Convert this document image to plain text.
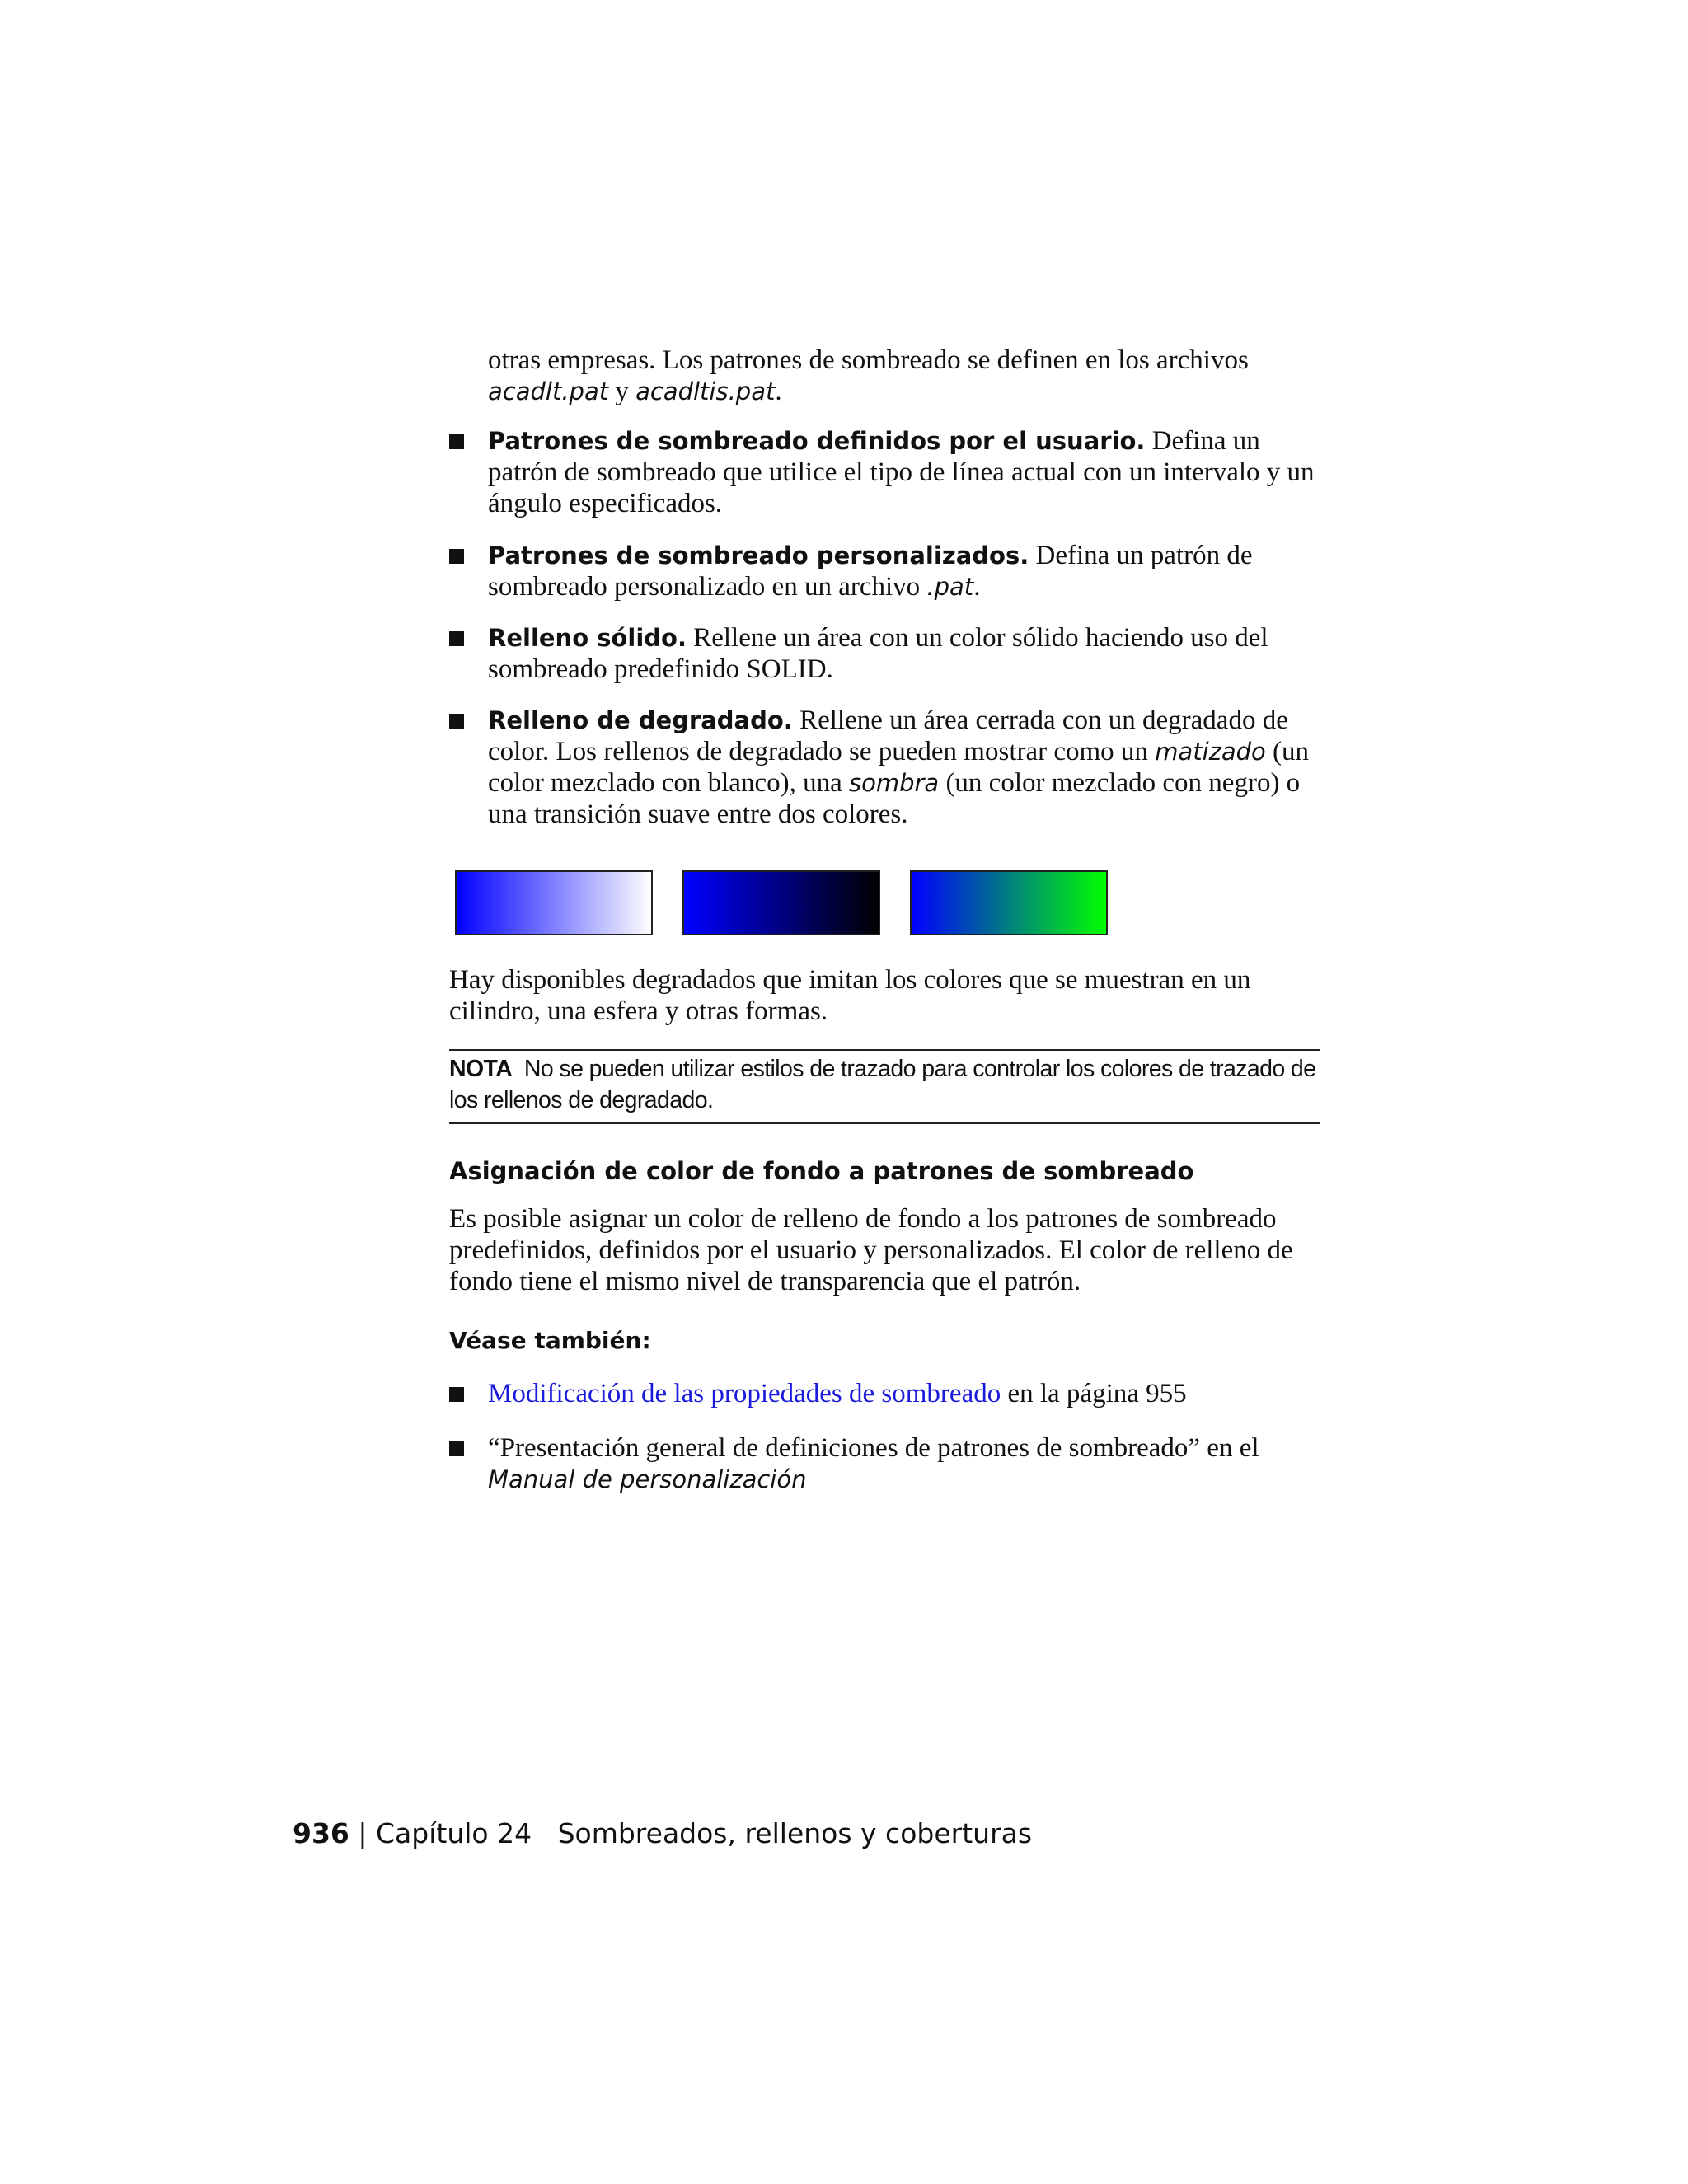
otras empresas. Los patrones de sombreado se definen en los archivos
acadlt.pat y acadltis.pat.
Patrones de sombreado definidos por el usuario. Defina un patrón de sombreado que utilice el tipo de línea actual con un intervalo y un ángulo especificados.
Patrones de sombreado personalizados. Defina un patrón de sombreado personalizado en un archivo .pat.
Relleno sólido. Rellene un área con un color sólido haciendo uso del sombreado predefinido SOLID.
Relleno de degradado. Rellene un área cerrada con un degradado de color. Los rellenos de degradado se pueden mostrar como un matizado (un color mezclado con blanco), una sombra (un color mezclado con negro) o una transición suave entre dos colores.
Hay disponibles degradados que imitan los colores que se muestran en un cilindro, una esfera y otras formas.
NOTA No se pueden utilizar estilos de trazado para controlar los colores de trazado de los rellenos de degradado.
Asignación de color de fondo a patrones de sombreado
Es posible asignar un color de relleno de fondo a los patrones de sombreado predefinidos, definidos por el usuario y personalizados. El color de relleno de fondo tiene el mismo nivel de transparencia que el patrón.
Véase también:
Modificación de las propiedades de sombreado en la página 955
“Presentación general de definiciones de patrones de sombreado” en el
Manual de personalización
936 | Capítulo 24 Sombreados, rellenos y coberturas
